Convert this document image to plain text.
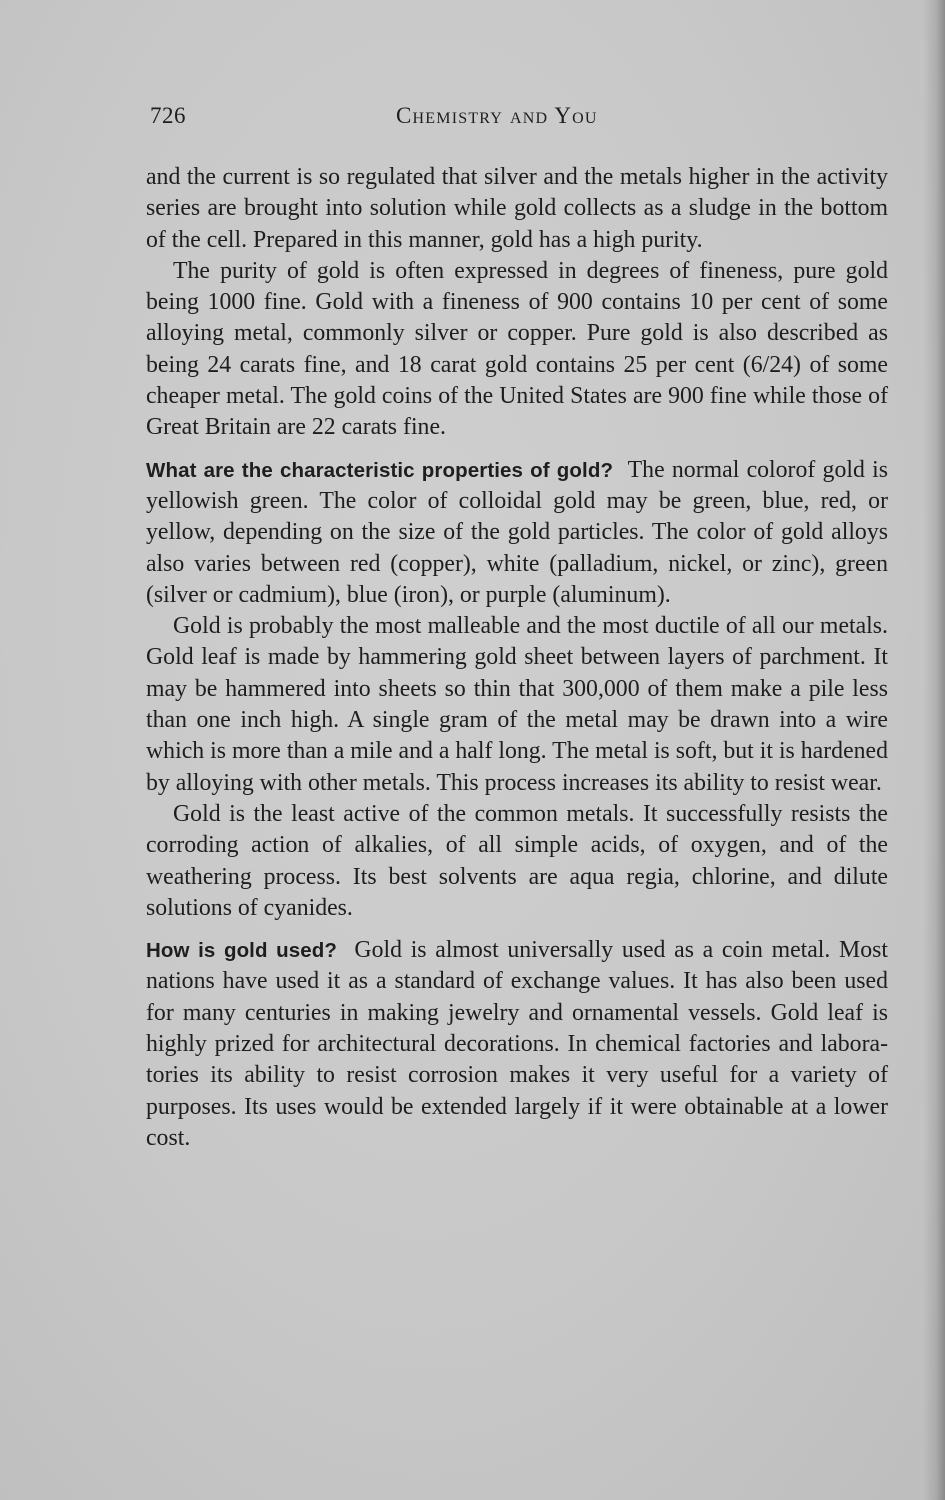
726	Chemistry and You

and the current is so regulated that silver and the metals higher in the activity series are brought into solution while gold collects as a sludge in the bottom of the cell. Prepared in this manner, gold has a high purity.

The purity of gold is often expressed in degrees of fineness, pure gold being 1000 fine. Gold with a fineness of 900 contains 10 per cent of some alloying metal, commonly silver or copper. Pure gold is also described as being 24 carats fine, and 18 carat gold contains 25 per cent (6/24) of some cheaper metal. The gold coins of the United States are 900 fine while those of Great Britain are 22 carats fine.

What are the characteristic properties of gold? The normal colorof gold is yellowish green. The color of colloidal gold may be green, blue, red, or yellow, depending on the size of the gold particles. The color of gold alloys also varies between red (copper), white (palladium, nickel, or zinc), green (silver or cadmium), blue (iron), or purple (aluminum).

Gold is probably the most malleable and the most ductile of all our metals. Gold leaf is made by hammering gold sheet between layers of parchment. It may be hammered into sheets so thin that 300,000 of them make a pile less than one inch high. A single gram of the metal may be drawn into a wire which is more than a mile and a half long. The metal is soft, but it is hardened by alloying with other metals. This process increases its ability to resist wear.

Gold is the least active of the common metals. It successfully resists the corroding action of alkalies, of all simple acids, of oxygen, and of the weathering process. Its best solvents are aqua regia, chlorine, and dilute solutions of cyanides.

How is gold used? Gold is almost universally used as a coin metal. Most nations have used it as a standard of exchange values. It has also been used for many centuries in making jewelry and ornamental vessels. Gold leaf is highly prized for architectural decorations. In chemical factories and laboratories its ability to resist corrosion makes it very useful for a variety of purposes. Its uses would be extended largely if it were obtainable at a lower cost.
